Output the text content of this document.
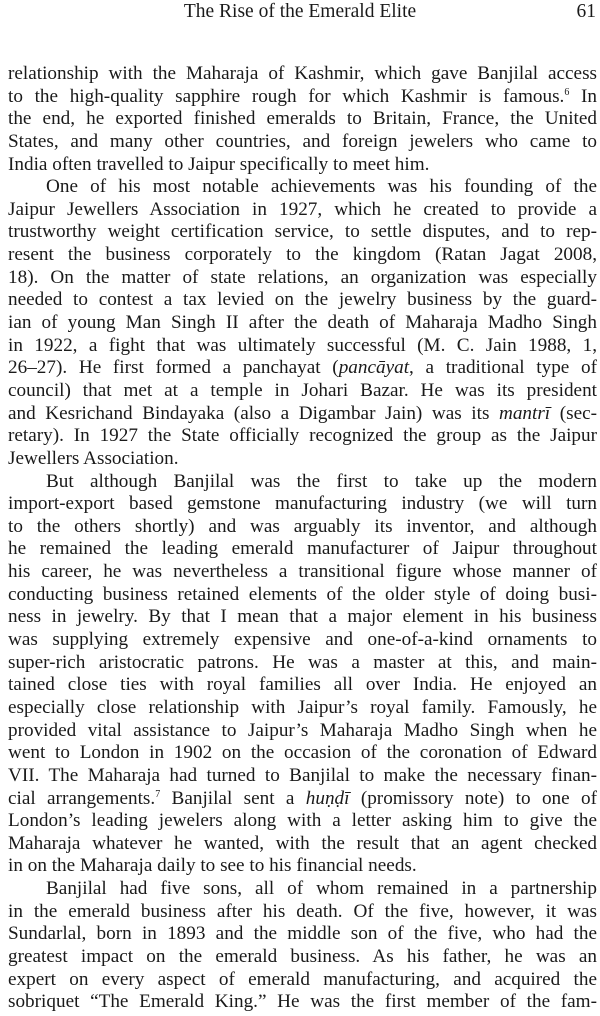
The Rise of the Emerald Elite	61
relationship with the Maharaja of Kashmir, which gave Banjilal access
to the high-quality sapphire rough for which Kashmir is famous.$^6$ In
the end, he exported finished emeralds to Britain, France, the United
States, and many other countries, and foreign jewelers who came to
India often travelled to Jaipur specifically to meet him.
One of his most notable achievements was his founding of the
Jaipur Jewellers Association in 1927, which he created to provide a
trustworthy weight certification service, to settle disputes, and to rep-
resent the business corporately to the kingdom (Ratan Jagat 2008,
18). On the matter of state relations, an organization was especially
needed to contest a tax levied on the jewelry business by the guard-
ian of young Man Singh II after the death of Maharaja Madho Singh
in 1922, a fight that was ultimately successful (M. C. Jain 1988, 1,
26–27). He first formed a panchayat (pancāyat, a traditional type of
council) that met at a temple in Johari Bazar. He was its president
and Kesrichand Bindayaka (also a Digambar Jain) was its mantrī (sec-
retary). In 1927 the State officially recognized the group as the Jaipur
Jewellers Association.
But although Banjilal was the first to take up the modern
import-export based gemstone manufacturing industry (we will turn
to the others shortly) and was arguably its inventor, and although
he remained the leading emerald manufacturer of Jaipur throughout
his career, he was nevertheless a transitional figure whose manner of
conducting business retained elements of the older style of doing busi-
ness in jewelry. By that I mean that a major element in his business
was supplying extremely expensive and one-of-a-kind ornaments to
super-rich aristocratic patrons. He was a master at this, and main-
tained close ties with royal families all over India. He enjoyed an
especially close relationship with Jaipur’s royal family. Famously, he
provided vital assistance to Jaipur’s Maharaja Madho Singh when he
went to London in 1902 on the occasion of the coronation of Edward
VII. The Maharaja had turned to Banjilal to make the necessary finan-
cial arrangements.$^7$ Banjilal sent a huṇḍī (promissory note) to one of
London’s leading jewelers along with a letter asking him to give the
Maharaja whatever he wanted, with the result that an agent checked
in on the Maharaja daily to see to his financial needs.
Banjilal had five sons, all of whom remained in a partnership
in the emerald business after his death. Of the five, however, it was
Sundarlal, born in 1893 and the middle son of the five, who had the
greatest impact on the emerald business. As his father, he was an
expert on every aspect of emerald manufacturing, and acquired the
sobriquet “The Emerald King.” He was the first member of the fam-
